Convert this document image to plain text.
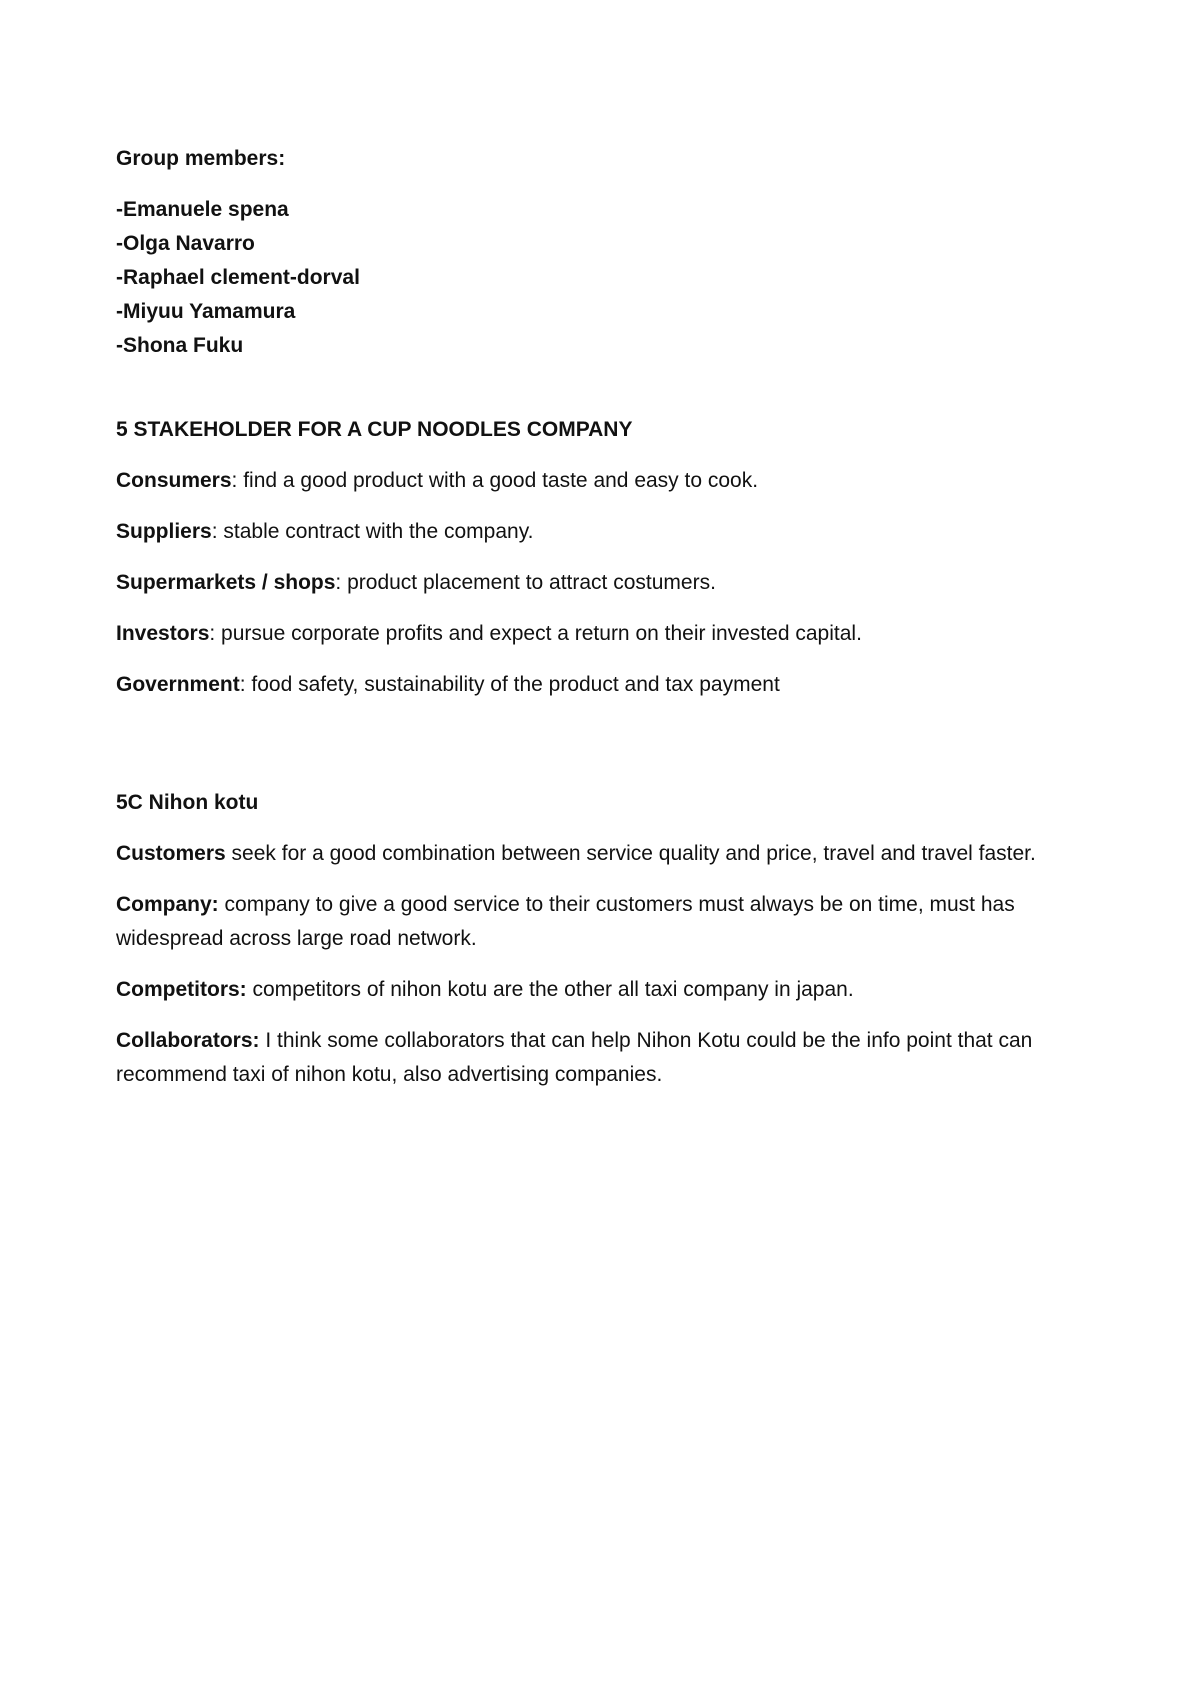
Group members:
-Emanuele spena
-Olga Navarro
-Raphael clement-dorval
-Miyuu Yamamura
-Shona Fuku
5 STAKEHOLDER FOR A CUP NOODLES COMPANY

Consumers: find a good product with a good taste and easy to cook.

Suppliers: stable contract with the company.

Supermarkets / shops: product placement to attract costumers.

Investors: pursue corporate profits and expect a return on their invested capital.

Government: food safety, sustainability of the product and tax payment

5C Nihon kotu

Customers seek for a good combination between service quality and price, travel and travel faster.

Company: company to give a good service to their customers must always be on time, must has widespread across large road network.

Competitors: competitors of nihon kotu are the other all taxi company in japan.

Collaborators: I think some collaborators that can help Nihon Kotu could be the info point that can recommend taxi of nihon kotu, also advertising companies.
